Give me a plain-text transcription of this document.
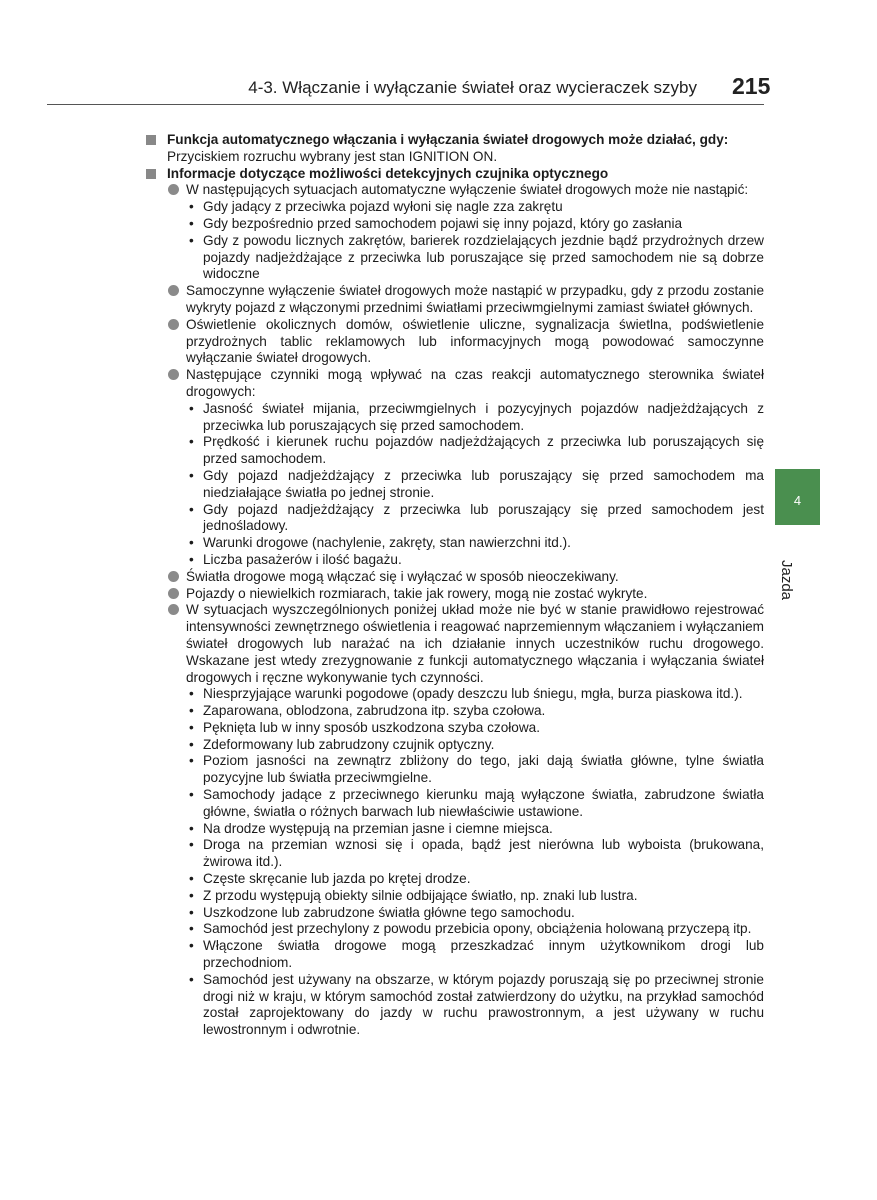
4-3. Włączanie i wyłączanie świateł oraz wycieraczek szyby 215
Funkcja automatycznego włączania i wyłączania świateł drogowych może działać, gdy:
Przyciskiem rozruchu wybrany jest stan IGNITION ON.
Informacje dotyczące możliwości detekcyjnych czujnika optycznego
W następujących sytuacjach automatyczne wyłączenie świateł drogowych może nie nastąpić:
• Gdy jadący z przeciwka pojazd wyłoni się nagle zza zakrętu
• Gdy bezpośrednio przed samochodem pojawi się inny pojazd, który go zasłania
• Gdy z powodu licznych zakrętów, barierek rozdzielających jezdnie bądź przydrożnych drzew pojazdy nadjeżdżające z przeciwka lub poruszające się przed samochodem nie są dobrze widoczne
Samoczynne wyłączenie świateł drogowych może nastąpić w przypadku, gdy z przodu zostanie wykryty pojazd z włączonymi przednimi światłami przeciwmgielnymi zamiast świateł głównych.
Oświetlenie okolicznych domów, oświetlenie uliczne, sygnalizacja świetlna, podświetlenie przydrożnych tablic reklamowych lub informacyjnych mogą powodować samoczynne wyłączanie świateł drogowych.
Następujące czynniki mogą wpływać na czas reakcji automatycznego sterownika świateł drogowych:
• Jasność świateł mijania, przeciwmgielnych i pozycyjnych pojazdów nadjeżdżających z przeciwka lub poruszających się przed samochodem.
• Prędkość i kierunek ruchu pojazdów nadjeżdżających z przeciwka lub poruszających się przed samochodem.
• Gdy pojazd nadjeżdżający z przeciwka lub poruszający się przed samochodem ma niedziałające światła po jednej stronie.
• Gdy pojazd nadjeżdżający z przeciwka lub poruszający się przed samochodem jest jednośladowy.
• Warunki drogowe (nachylenie, zakręty, stan nawierzchni itd.).
• Liczba pasażerów i ilość bagażu.
Światła drogowe mogą włączać się i wyłączać w sposób nieoczekiwany.
Pojazdy o niewielkich rozmiarach, takie jak rowery, mogą nie zostać wykryte.
W sytuacjach wyszczególnionych poniżej układ może nie być w stanie prawidłowo rejestrować intensywności zewnętrznego oświetlenia i reagować naprzemiennym włączaniem i wyłączaniem świateł drogowych lub narażać na ich działanie innych uczestników ruchu drogowego. Wskazane jest wtedy zrezygnowanie z funkcji automatycznego włączania i wyłączania świateł drogowych i ręczne wykonywanie tych czynności.
• Niesprzyjające warunki pogodowe (opady deszczu lub śniegu, mgła, burza piaskowa itd.).
• Zaparowana, oblodzona, zabrudzona itp. szyba czołowa.
• Pęknięta lub w inny sposób uszkodzona szyba czołowa.
• Zdeformowany lub zabrudzony czujnik optyczny.
• Poziom jasności na zewnątrz zbliżony do tego, jaki dają światła główne, tylne światła pozycyjne lub światła przeciwmgielne.
• Samochody jadące z przeciwnego kierunku mają wyłączone światła, zabrudzone światła główne, światła o różnych barwach lub niewłaściwie ustawione.
• Na drodze występują na przemian jasne i ciemne miejsca.
• Droga na przemian wznosi się i opada, bądź jest nierówna lub wyboista (brukowana, żwirowa itd.).
• Częste skręcanie lub jazda po krętej drodze.
• Z przodu występują obiekty silnie odbijające światło, np. znaki lub lustra.
• Uszkodzone lub zabrudzone światła główne tego samochodu.
• Samochód jest przechylony z powodu przebicia opony, obciążenia holowaną przyczepą itp.
• Włączone światła drogowe mogą przeszkadzać innym użytkownikom drogi lub przechodniom.
• Samochód jest używany na obszarze, w którym pojazdy poruszają się po przeciwnej stronie drogi niż w kraju, w którym samochód został zatwierdzony do użytku, na przykład samochód został zaprojektowany do jazdy w ruchu prawostronnym, a jest używany w ruchu lewostronnym i odwrotnie.
4
Jazda
